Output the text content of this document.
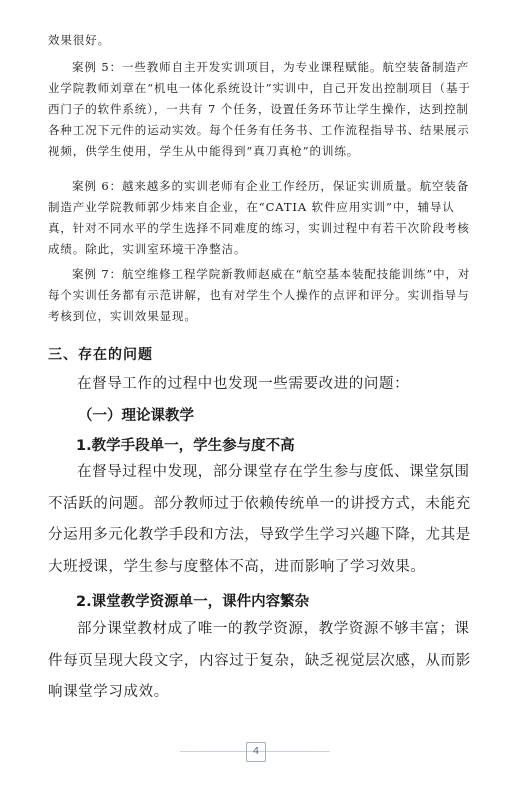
效果很好。

案例 5：一些教师自主开发实训项目，为专业课程赋能。航空装备制造产业学院教师刘章在“机电一体化系统设计”实训中，自己开发出控制项目（基于西门子的软件系统），一共有 7 个任务，设置任务环节让学生操作，达到控制各种工况下元件的运动实效。每个任务有任务书、工作流程指导书、结果展示视频，供学生使用，学生从中能得到“真刀真枪”的训练。

案例 6：越来越多的实训老师有企业工作经历，保证实训质量。航空装备制造产业学院教师郭少炜来自企业，在“CATIA 软件应用实训”中，辅导认真，针对不同水平的学生选择不同难度的练习，实训过程中有若干次阶段考核成绩。除此，实训室环境干净整洁。

案例 7：航空维修工程学院新教师赵威在“航空基本装配技能训练”中，对每个实训任务都有示范讲解，也有对学生个人操作的点评和评分。实训指导与考核到位，实训效果显现。

三、存在的问题

在督导工作的过程中也发现一些需要改进的问题：

（一）理论课教学
1.教学手段单一，学生参与度不高

在督导过程中发现，部分课堂存在学生参与度低、课堂氛围不活跃的问题。部分教师过于依赖传统单一的讲授方式，未能充分运用多元化教学手段和方法，导致学生学习兴趣下降，尤其是大班授课，学生参与度整体不高，进而影响了学习效果。

2.课堂教学资源单一，课件内容繁杂

部分课堂教材成了唯一的教学资源，教学资源不够丰富；课件每页呈现大段文字，内容过于复杂，缺乏视觉层次感，从而影响课堂学习成效。

4
